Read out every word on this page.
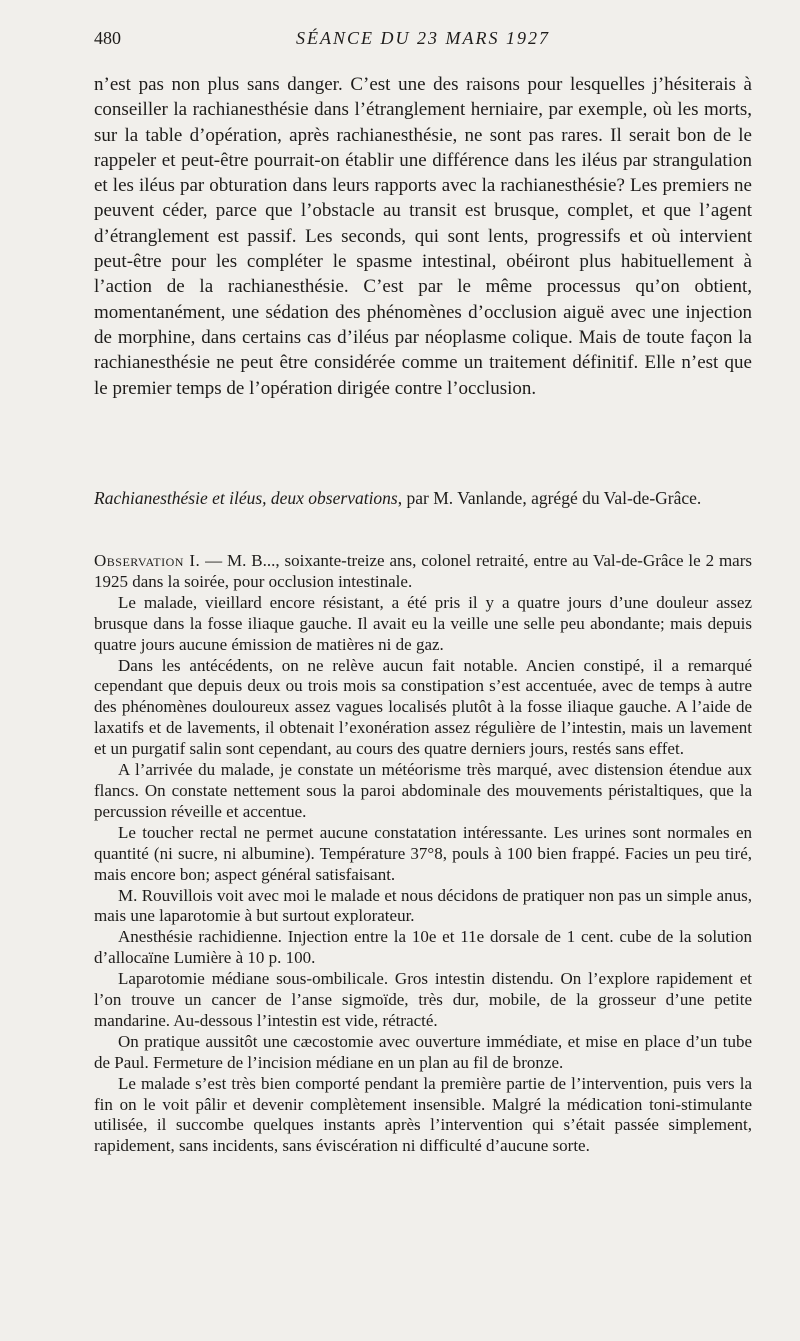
480	SÉANCE DU 23 MARS 1927

n’est pas non plus sans danger. C’est une des raisons pour lesquelles j’hésiterais à conseiller la rachianesthésie dans l’étranglement herniaire, par exemple, où les morts, sur la table d’opération, après rachianesthésie, ne sont pas rares. Il serait bon de le rappeler et peut-être pourrait-on établir une différence dans les iléus par strangulation et les iléus par obturation dans leurs rapports avec la rachianesthésie? Les premiers ne peuvent céder, parce que l’obstacle au transit est brusque, complet, et que l’agent d’étranglement est passif. Les seconds, qui sont lents, progressifs et où intervient peut-être pour les compléter le spasme intestinal, obéiront plus habituellement à l’action de la rachianesthésie. C’est par le même processus qu’on obtient, momentanément, une sédation des phénomènes d’occlusion aiguë avec une injection de morphine, dans certains cas d’iléus par néoplasme colique. Mais de toute façon la rachianesthésie ne peut être considérée comme un traitement définitif. Elle n’est que le premier temps de l’opération dirigée contre l’occlusion.

Rachianesthésie et iléus, deux observations, par M. Vanlande, agrégé du Val-de-Grâce.

Observation I. — M. B..., soixante-treize ans, colonel retraité, entre au Val-de-Grâce le 2 mars 1925 dans la soirée, pour occlusion intestinale.

Le malade, vieillard encore résistant, a été pris il y a quatre jours d’une douleur assez brusque dans la fosse iliaque gauche. Il avait eu la veille une selle peu abondante; mais depuis quatre jours aucune émission de matières ni de gaz.

Dans les antécédents, on ne relève aucun fait notable. Ancien constipé, il a remarqué cependant que depuis deux ou trois mois sa constipation s’est accentuée, avec de temps à autre des phénomènes douloureux assez vagues localisés plutôt à la fosse iliaque gauche. A l’aide de laxatifs et de lavements, il obtenait l’exonération assez régulière de l’intestin, mais un lavement et un purgatif salin sont cependant, au cours des quatre derniers jours, restés sans effet.

A l’arrivée du malade, je constate un météorisme très marqué, avec distension étendue aux flancs. On constate nettement sous la paroi abdominale des mouvements péristaltiques, que la percussion réveille et accentue.

Le toucher rectal ne permet aucune constatation intéressante. Les urines sont normales en quantité (ni sucre, ni albumine). Température 37°8, pouls à 100 bien frappé. Facies un peu tiré, mais encore bon; aspect général satisfaisant.

M. Rouvillois voit avec moi le malade et nous décidons de pratiquer non pas un simple anus, mais une laparotomie à but surtout explorateur.

Anesthésie rachidienne. Injection entre la 10e et 11e dorsale de 1 cent. cube de la solution d’allocaïne Lumière à 10 p. 100.

Laparotomie médiane sous-ombilicale. Gros intestin distendu. On l’explore rapidement et l’on trouve un cancer de l’anse sigmoïde, très dur, mobile, de la grosseur d’une petite mandarine. Au-dessous l’intestin est vide, rétracté.

On pratique aussitôt une cæcostomie avec ouverture immédiate, et mise en place d’un tube de Paul. Fermeture de l’incision médiane en un plan au fil de bronze.

Le malade s’est très bien comporté pendant la première partie de l’intervention, puis vers la fin on le voit pâlir et devenir complètement insensible. Malgré la médication toni-stimulante utilisée, il succombe quelques instants après l’intervention qui s’était passée simplement, rapidement, sans incidents, sans éviscération ni difficulté d’aucune sorte.
